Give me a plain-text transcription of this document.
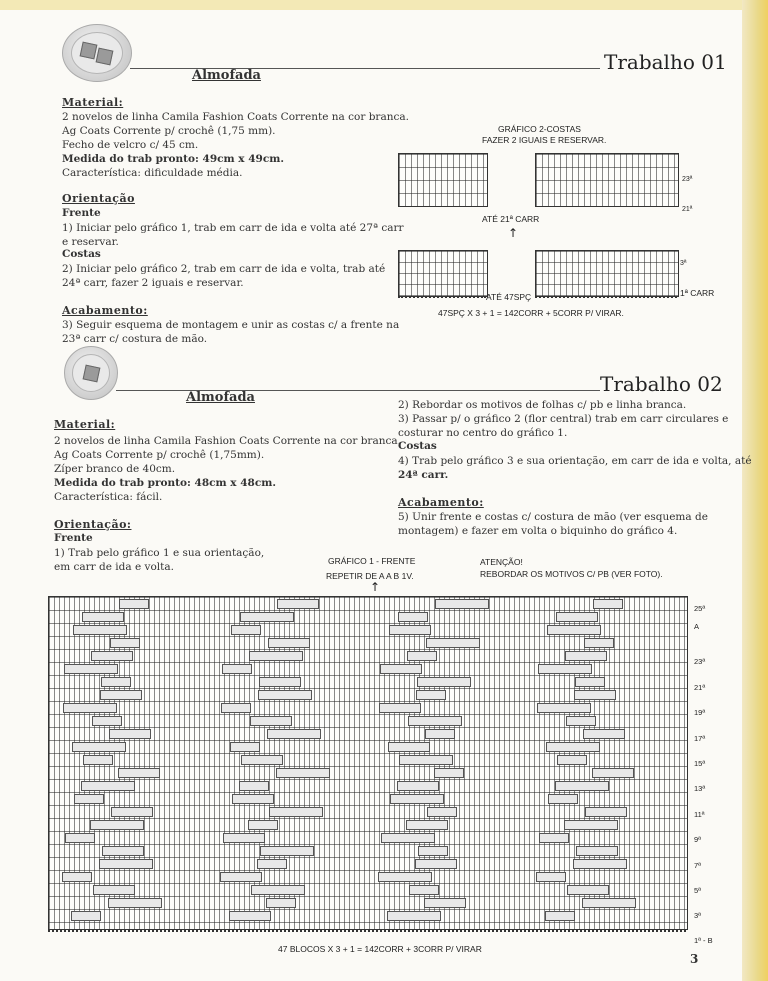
Trabalho 01
Almofada
Material:
2 novelos de linha Camila Fashion Coats Corrente na cor branca.
Ag Coats Corrente p/ crochê (1,75 mm).
Fecho de velcro c/ 45 cm.
Medida do trab pronto: 49cm x 49cm.
Característica: dificuldade média.
Orientação
Frente
1) Iniciar pelo gráfico 1, trab em carr de ida e volta até 27ª carr
e reservar.
Costas
2) Iniciar pelo gráfico 2, trab em carr de ida e volta, trab até
24ª carr, fazer 2 iguais e reservar.
Acabamento:
3) Seguir esquema de montagem e unir as costas c/ a frente na
23ª carr c/ costura de mão.
GRÁFICO 2-COSTAS
FAZER 2 IGUAIS E RESERVAR.
23ª
21ª
ATÉ 21ª CARR
↑
3ª
1ª CARR
ATÉ 47SPÇ
47SPÇ X 3 + 1 = 142CORR + 5CORR P/ VIRAR.
Trabalho 02
Almofada
Material:
2 novelos de linha Camila Fashion Coats Corrente na cor branca.
Ag Coats Corrente p/ crochê (1,75mm).
Zíper branco de 40cm.
Medida do trab pronto: 48cm x 48cm.
Característica: fácil.
Orientação:
Frente
1) Trab pelo gráfico 1 e sua orientação,
em carr de ida e volta.
2) Rebordar os motivos de folhas c/ pb e linha branca.
3) Passar p/ o gráfico 2 (flor central) trab em carr circulares e
costurar no centro do gráfico 1.
Costas
4) Trab pelo gráfico 3 e sua orientação, em carr de ida e volta, até
24ª carr.
Acabamento:
5) Unir frente e costas c/ costura de mão (ver esquema de
montagem) e fazer em volta o biquinho do gráfico 4.
GRÁFICO 1 - FRENTE
REPETIR DE A A B 1V.
↑
ATENÇÃO!
REBORDAR OS MOTIVOS C/ PB (VER FOTO).
25ª
A
23ª
21ª
19ª
17ª
15ª
13ª
11ª
9ª
7ª
5ª
3ª
1ª - B
47 BLOCOS X 3 + 1 = 142CORR + 3CORR P/ VIRAR
3
